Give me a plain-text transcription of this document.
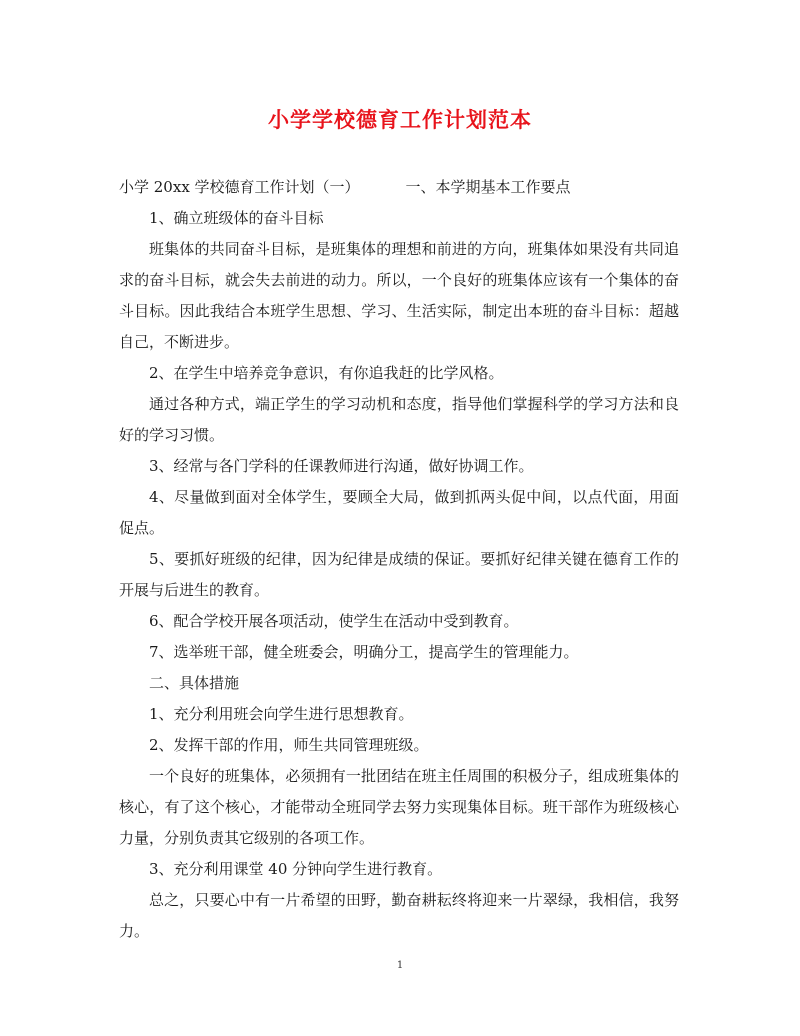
小学学校德育工作计划范本

小学 20xx 学校德育工作计划（一）	一、本学期基本工作要点

1、确立班级体的奋斗目标

班集体的共同奋斗目标，是班集体的理想和前进的方向，班集体如果没有共同追求的奋斗目标，就会失去前进的动力。所以，一个良好的班集体应该有一个集体的奋斗目标。因此我结合本班学生思想、学习、生活实际，制定出本班的奋斗目标：超越自己，不断进步。

2、在学生中培养竞争意识，有你追我赶的比学风格。

通过各种方式，端正学生的学习动机和态度，指导他们掌握科学的学习方法和良好的学习习惯。

3、经常与各门学科的任课教师进行沟通，做好协调工作。

4、尽量做到面对全体学生，要顾全大局，做到抓两头促中间，以点代面，用面促点。

5、要抓好班级的纪律，因为纪律是成绩的保证。要抓好纪律关键在德育工作的开展与后进生的教育。

6、配合学校开展各项活动，使学生在活动中受到教育。

7、选举班干部，健全班委会，明确分工，提高学生的管理能力。

二、具体措施

1、充分利用班会向学生进行思想教育。

2、发挥干部的作用，师生共同管理班级。

一个良好的班集体，必须拥有一批团结在班主任周围的积极分子，组成班集体的核心，有了这个核心，才能带动全班同学去努力实现集体目标。班干部作为班级核心力量，分别负责其它级别的各项工作。

3、充分利用课堂 40 分钟向学生进行教育。

总之，只要心中有一片希望的田野，勤奋耕耘终将迎来一片翠绿，我相信，我努力。

1
